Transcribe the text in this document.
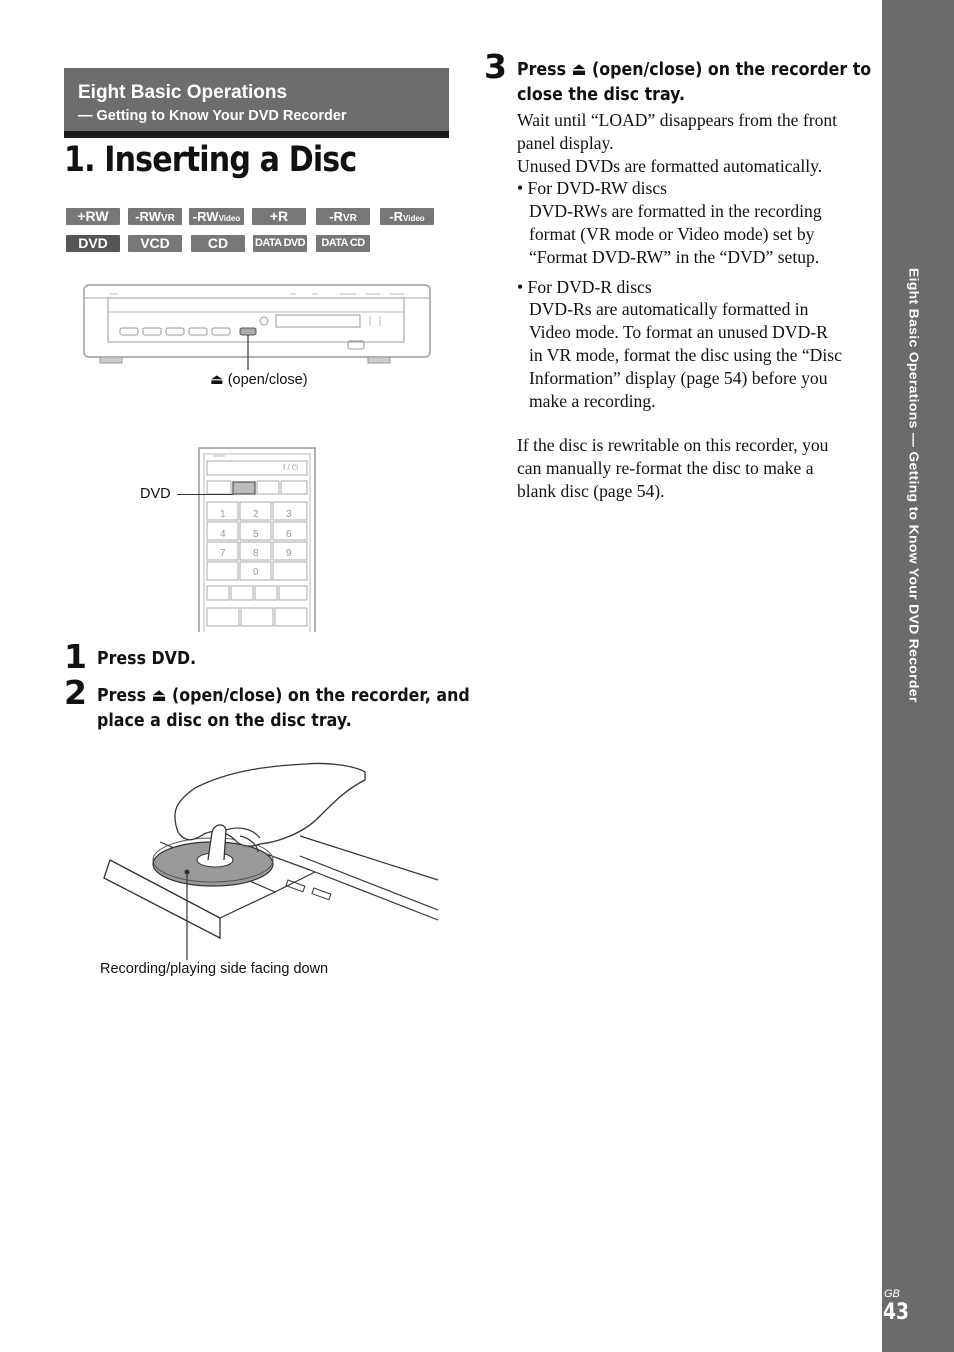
Eight Basic Operations
— Getting to Know Your DVD Recorder
1. Inserting a Disc
+RW	-RWVR	-RWVideo	+R	-RVR	-RVideo
DVD	VCD	CD	DATA DVD	DATA CD
⏏ (open/close)
1	2	3
4	5	6
7	8	9
0
I / ⏻
DVD
1 Press DVD.
2 Press ⏏ (open/close) on the recorder, and
place a disc on the disc tray.
Recording/playing side facing down
3 Press ⏏ (open/close) on the recorder to
close the disc tray.
Wait until “LOAD” disappears from the front
panel display.
Unused DVDs are formatted automatically.
• For DVD-RW discs
DVD-RWs are formatted in the recording
format (VR mode or Video mode) set by
“Format DVD-RW” in the “DVD” setup.
• For DVD-R discs
DVD-Rs are automatically formatted in
Video mode. To format an unused DVD-R
in VR mode, format the disc using the “Disc
Information” display (page 54) before you
make a recording.
If the disc is rewritable on this recorder, you
can manually re-format the disc to make a
blank disc (page 54).	Eight Basic Operations — Getting to Know Your DVD Recorder
GB
43
